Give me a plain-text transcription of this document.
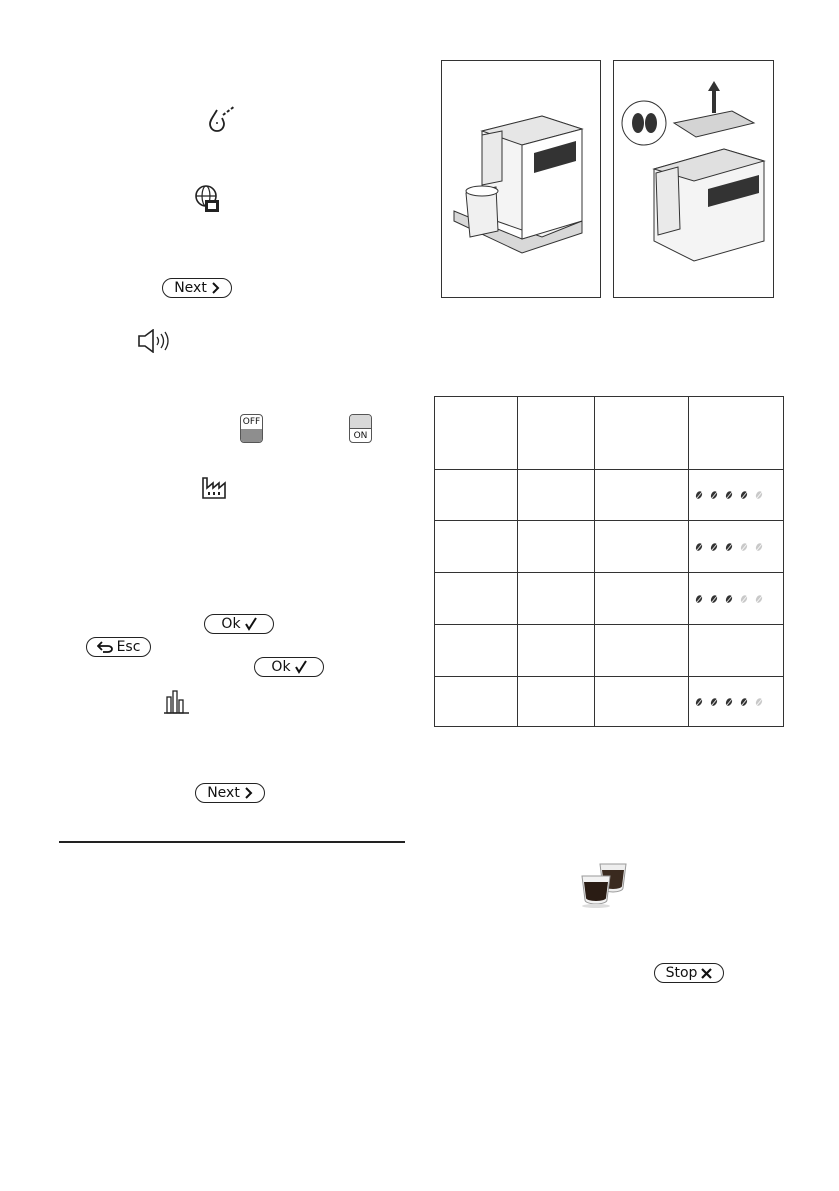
Next
OFF
ON
Ok
Esc
Ok
Next

Stop
